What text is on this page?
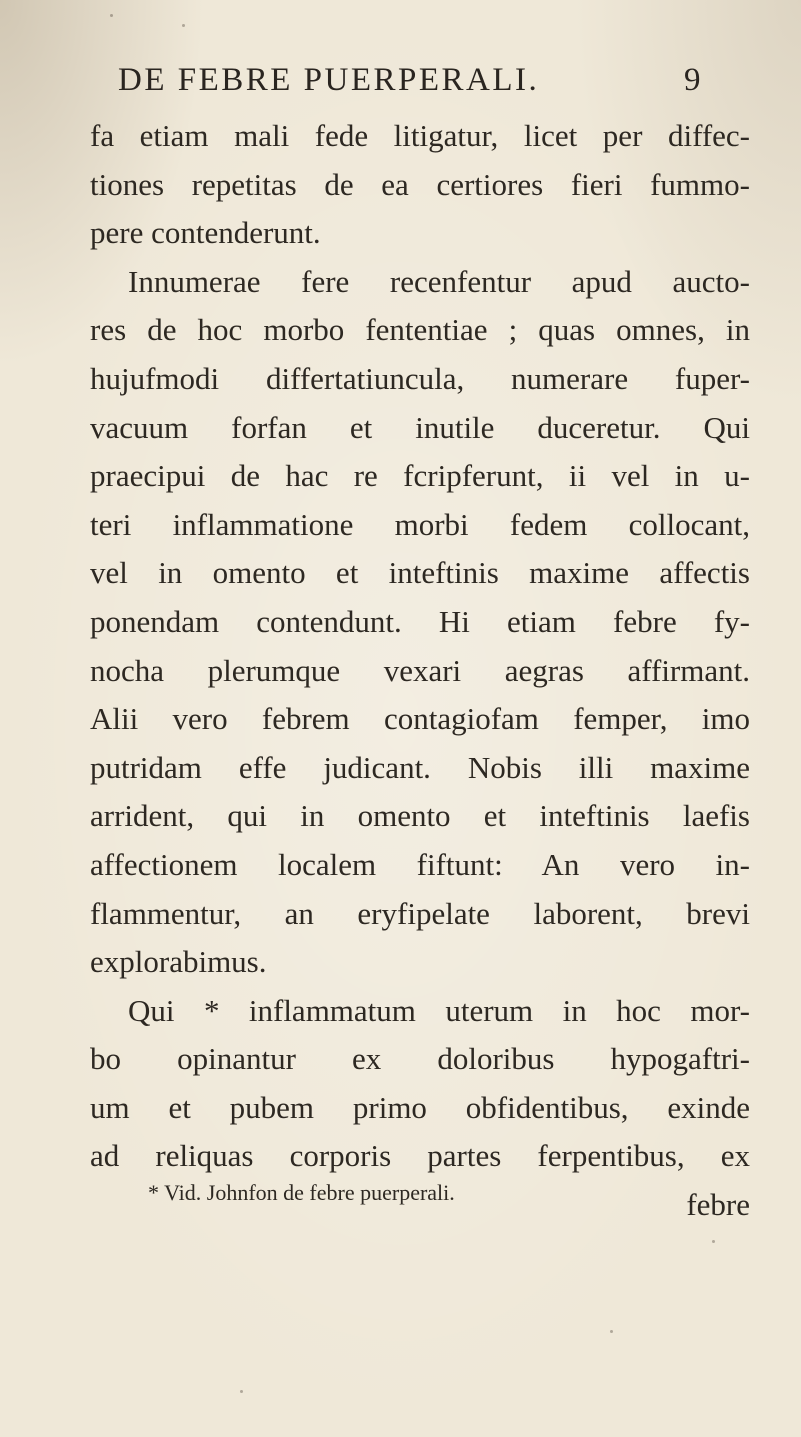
DE FEBRE PUERPERALI.	9
fa etiam mali fede litigatur, licet per diffec-
tiones repetitas de ea certiores fieri fummo-
pere contenderunt.
Innumerae fere recenfentur apud aucto-
res de hoc morbo fententiae ; quas omnes, in
hujufmodi differtatiuncula, numerare fuper-
vacuum forfan et inutile duceretur. Qui
praecipui de hac re fcripferunt, ii vel in u-
teri inflammatione morbi fedem collocant,
vel in omento et inteftinis maxime affectis
ponendam contendunt. Hi etiam febre fy-
nocha plerumque vexari aegras affirmant.
Alii vero febrem contagiofam femper, imo
putridam effe judicant. Nobis illi maxime
arrident, qui in omento et inteftinis laefis
affectionem localem fiftunt: An vero in-
flammentur, an eryfipelate laborent, brevi
explorabimus.
Qui * inflammatum uterum in hoc mor-
bo opinantur ex doloribus hypogaftri-
um et pubem primo obfidentibus, exinde
ad reliquas corporis partes ferpentibus, ex
febre
* Vid. Johnfon de febre puerperali.
